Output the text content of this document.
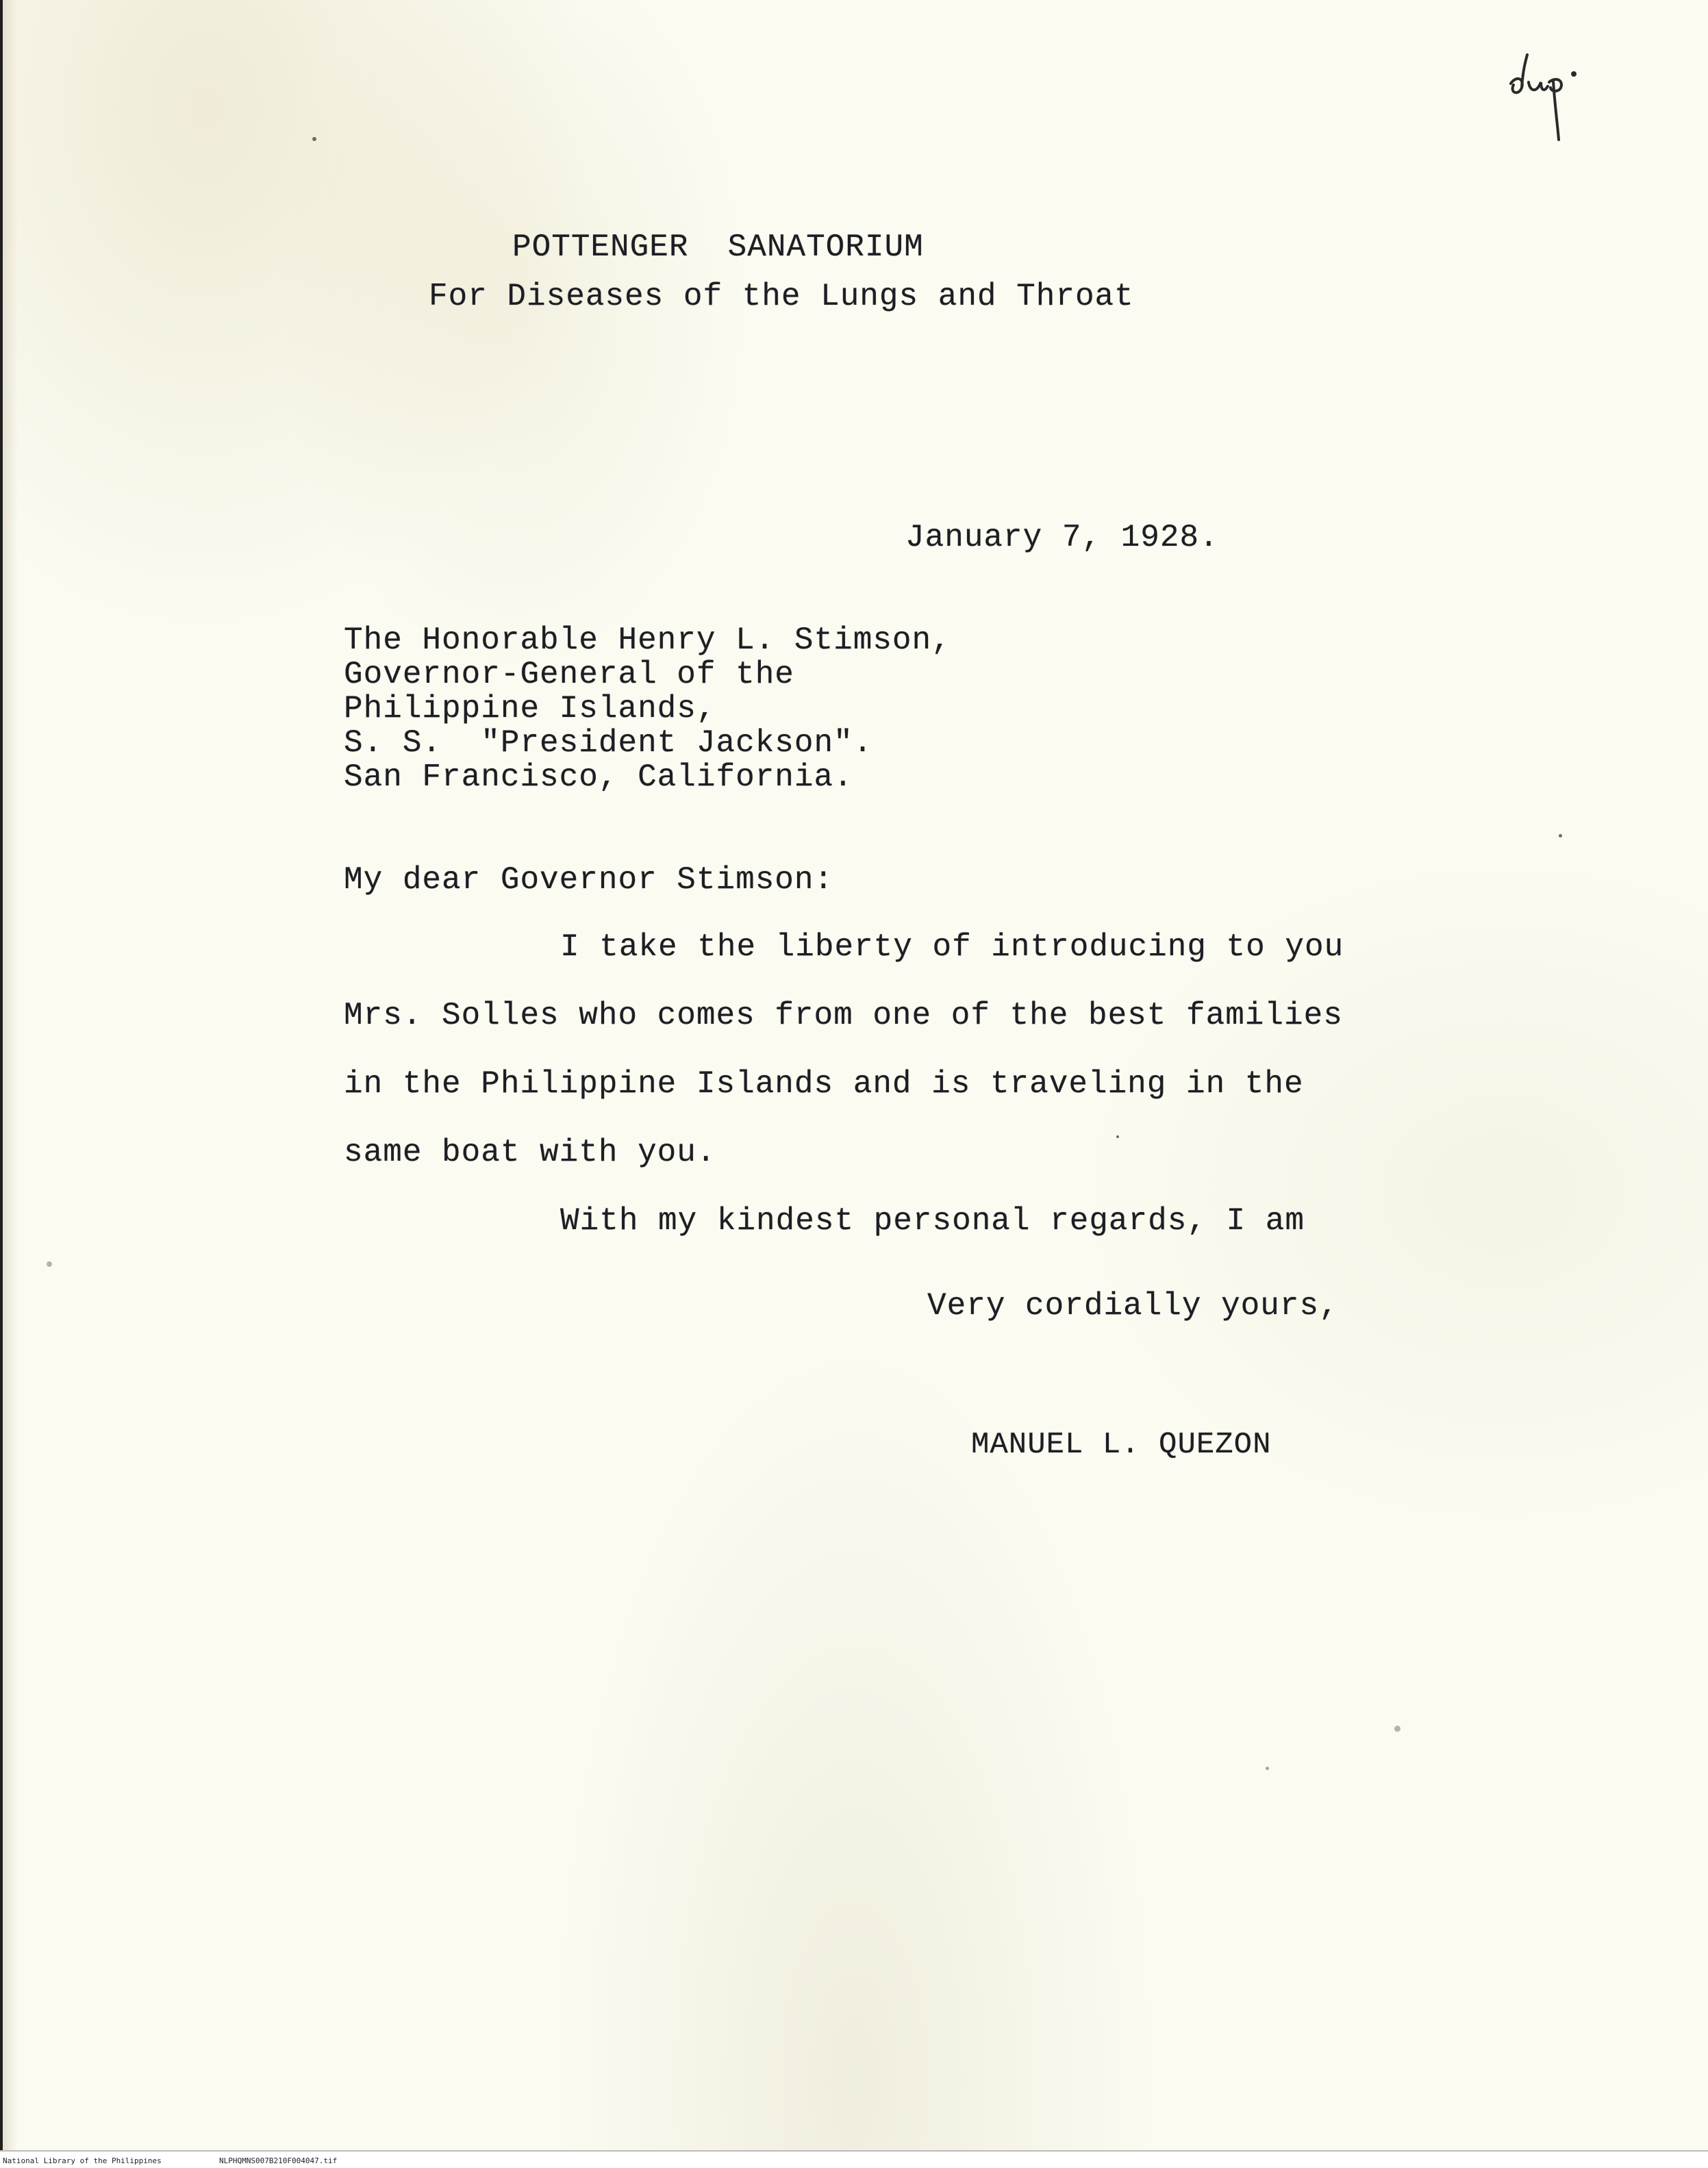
POTTENGER  SANATORIUM
For Diseases of the Lungs and Throat
January 7, 1928.
The Honorable Henry L. Stimson,
Governor-General of the
Philippine Islands,
S. S.  "President Jackson".
San Francisco, California.
My dear Governor Stimson:
I take the liberty of introducing to you
Mrs. Solles who comes from one of the best families
in the Philippine Islands and is traveling in the
same boat with you.
With my kindest personal regards, I am
Very cordially yours,
MANUEL L. QUEZON
National Library of the Philippines	NLPHQMNS007B210F004047.tif
